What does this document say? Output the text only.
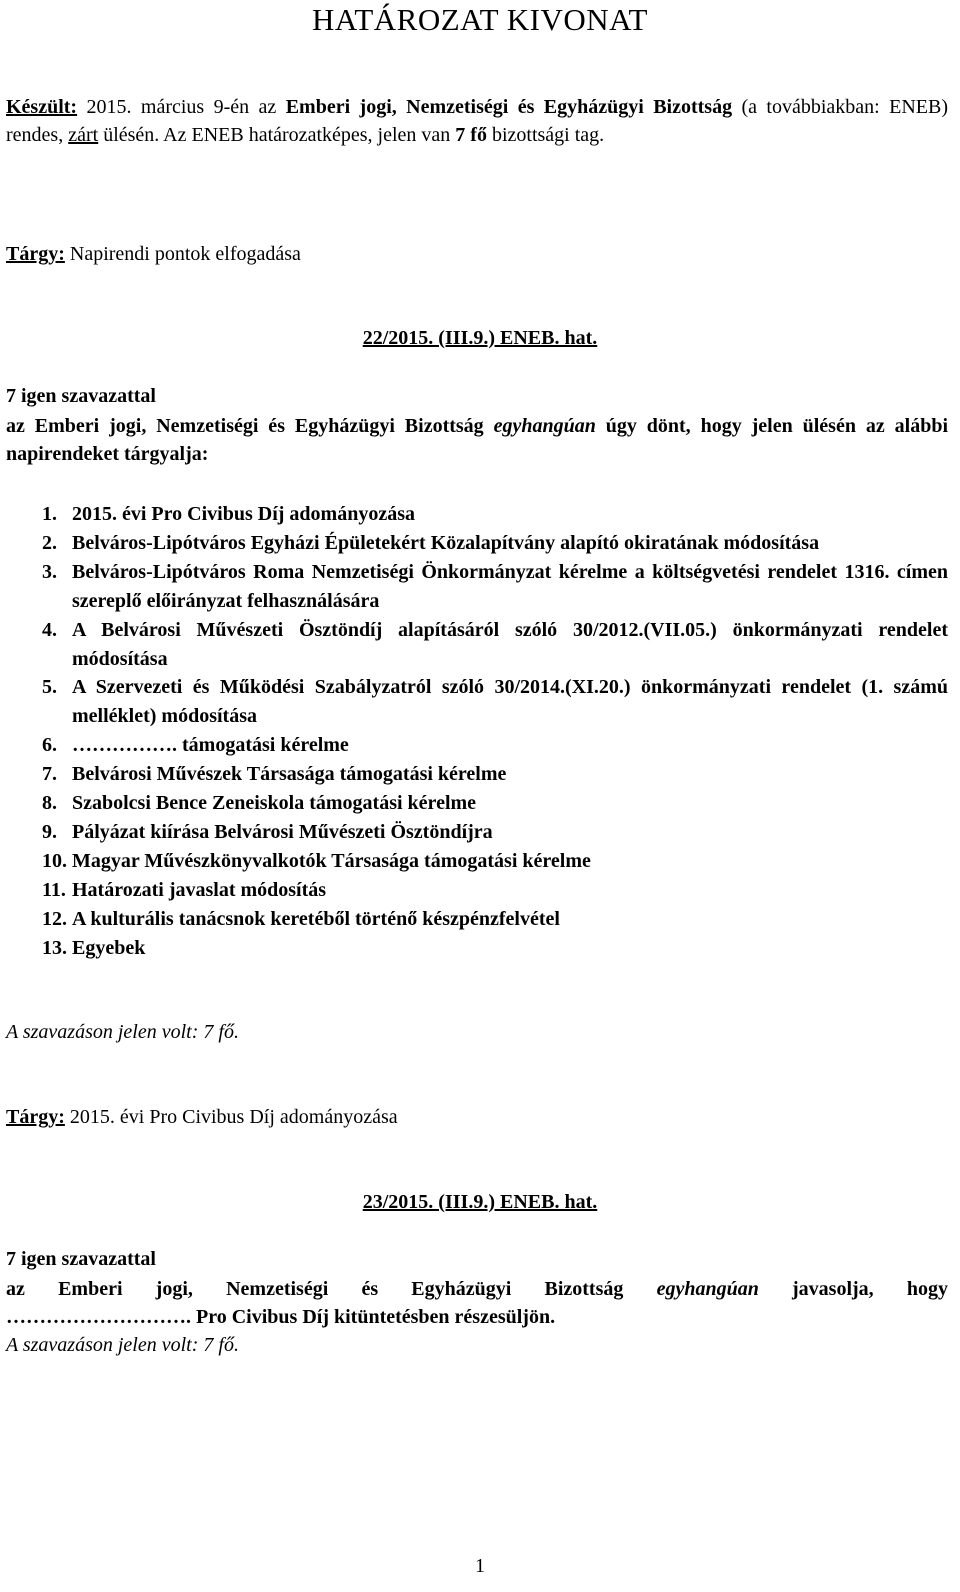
HATÁROZAT KIVONAT

Készült: 2015. március 9-én az Emberi jogi, Nemzetiségi és Egyházügyi Bizottság (a továbbiakban: ENEB) rendes, zárt ülésén. Az ENEB határozatképes, jelen van 7 fő bizottsági tag.

Tárgy: Napirendi pontok elfogadása

22/2015. (III.9.) ENEB. hat.

7 igen szavazattal

az Emberi jogi, Nemzetiségi és Egyházügyi Bizottság egyhangúan úgy dönt, hogy jelen ülésén az alábbi napirendeket tárgyalja:

1. 2015. évi Pro Civibus Díj adományozása
2. Belváros-Lipótváros Egyházi Épületekért Közalapítvány alapító okiratának módosítása
3. Belváros-Lipótváros Roma Nemzetiségi Önkormányzat kérelme a költségvetési rendelet 1316. címen szereplő előirányzat felhasználására
4. A Belvárosi Művészeti Ösztöndíj alapításáról szóló 30/2012.(VII.05.) önkormányzati rendelet módosítása
5. A Szervezeti és Működési Szabályzatról szóló 30/2014.(XI.20.) önkormányzati rendelet (1. számú melléklet) módosítása
6. ……………. támogatási kérelme
7. Belvárosi Művészek Társasága támogatási kérelme
8. Szabolcsi Bence Zeneiskola támogatási kérelme
9. Pályázat kiírása Belvárosi Művészeti Ösztöndíjra
10. Magyar Művészkönyvalkotók Társasága támogatási kérelme
11. Határozati javaslat módosítás
12. A kulturális tanácsnok keretéből történő készpénzfelvétel
13. Egyebek

A szavazáson jelen volt: 7 fő.

Tárgy: 2015. évi Pro Civibus Díj adományozása

23/2015. (III.9.) ENEB. hat.

7 igen szavazattal

az Emberi jogi, Nemzetiségi és Egyházügyi Bizottság egyhangúan javasolja, hogy

………………………. Pro Civibus Díj kitüntetésben részesüljön.

A szavazáson jelen volt: 7 fő.

1
